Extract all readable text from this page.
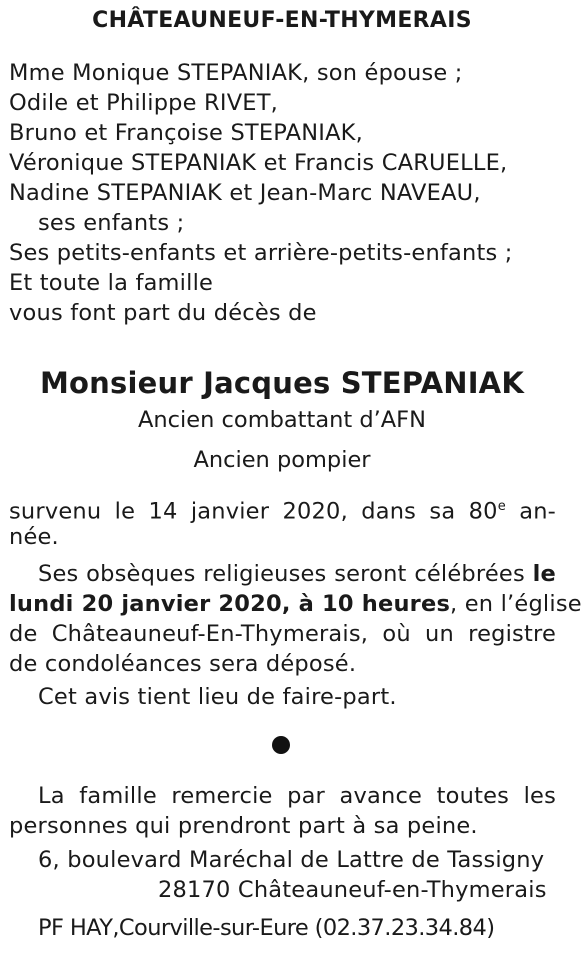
CHÂTEAUNEUF-EN-THYMERAIS
Mme Monique STEPANIAK, son épouse ;
Odile et Philippe RIVET,
Bruno et Françoise STEPANIAK,
Véronique STEPANIAK et Francis CARUELLE,
Nadine STEPANIAK et Jean-Marc NAVEAU,
ses enfants ;
Ses petits-enfants et arrière-petits-enfants ;
Et toute la famille
vous font part du décès de
Monsieur Jacques STEPANIAK
Ancien combattant d’AFN
Ancien pompier
survenu le 14 janvier 2020, dans sa 80e an-
née.
Ses obsèques religieuses seront célébrées le
lundi 20 janvier 2020, à 10 heures, en l’église
de Châteauneuf-En-Thymerais, où un registre
de condoléances sera déposé.
Cet avis tient lieu de faire-part.
La famille remercie par avance toutes les
personnes qui prendront part à sa peine.
6, boulevard Maréchal de Lattre de Tassigny
28170 Châteauneuf-en-Thymerais
PF HAY,Courville-sur-Eure (02.37.23.34.84)
